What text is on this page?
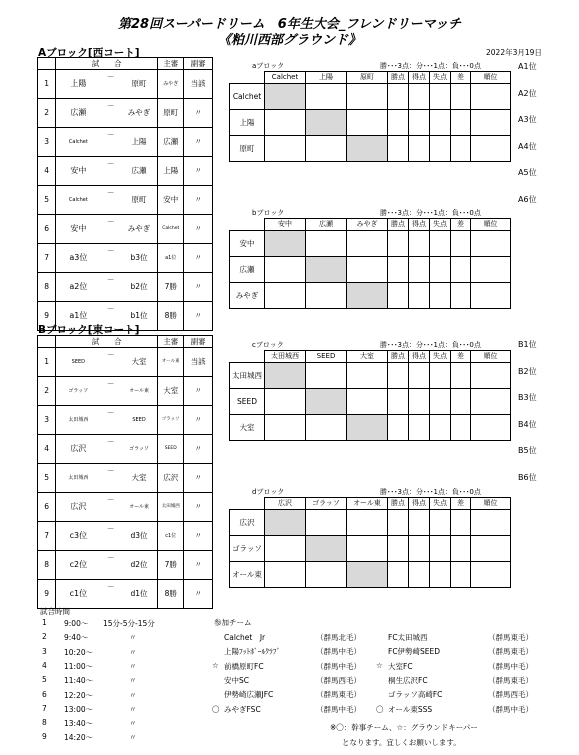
第28回スーパードリーム　6年生大会_フレンドリーマッチ
《粕川西部グラウンド》
2022年3月19日
Aブロック[西コート]
	試　　合			主審	副審
1	上陽	－	原町	みやぎ	当該
2	広瀬	－	みやぎ	原町	〃
3	Calchet	－	上陽	広瀬	〃
4	安中	－	広瀬	上陽	〃
5	Calchet	－	原町	安中	〃
6	安中	－	みやぎ	Calchet	〃
7	a3位	－	b3位	a1位	〃
8	a2位	－	b2位	7勝	〃
9	a1位	－	b1位	8勝	〃
Bブロック[東コート]
	試　　合			主審	副審
1	SEED	－	大室	オール東	当該
2	ゴラッソ	－	オール東	大室	〃
3	太田城西	－	SEED	ゴラッソ	〃
4	広沢	－	ゴラッソ	SEED	〃
5	太田城西	－	大室	広沢	〃
6	広沢	－	オール東	太田城西	〃
7	c3位	－	d3位	c1位	〃
8	c2位	－	d2位	7勝	〃
9	c1位	－	d1位	8勝	〃
aブロック	勝･･･3点：分･･･1点：負･･･0点
	Calchet	上陽	原町	勝点	得点	失点	差	順位
Calchet								
上陽								
原町								
bブロック	勝･･･3点：分･･･1点：負･･･0点
	安中	広瀬	みやぎ	勝点	得点	失点	差	順位
安中								
広瀬								
みやぎ								
cブロック	勝･･･3点：分･･･1点：負･･･0点
	太田城西	SEED	大室	勝点	得点	失点	差	順位
太田城西								
SEED								
大室								
dブロック	勝･･･3点：分･･･1点：負･･･0点
	広沢	ゴラッソ	オール東	勝点	得点	失点	差	順位
広沢								
ゴラッソ								
オール東								
A1位
A2位
A3位
A4位
A5位
A6位
B1位
B2位
B3位
B4位
B5位
B6位
試合時間
1 9:00～ 15分-5分-15分
2 9:40～	〃
3 10:20～	〃
4 11:00～	〃
5 11:40～	〃
6 12:20～	〃
7 13:00～	〃
8 13:40～	〃
9 14:20～	〃
参加チーム
Calchet　Jr	（群馬北毛）	FC太田城西	（群馬東毛）
上陽ﾌｯﾄﾎﾞｰﾙｸﾗﾌﾞ	（群馬中毛）	FC伊勢崎SEED	（群馬東毛）
☆ 前橋原町FC	（群馬中毛） ☆ 大室FC	（群馬中毛）
安中SC	（群馬西毛）	桐生広沢FC	（群馬東毛）
伊勢崎広瀬JFC	（群馬東毛）	ゴラッソ高崎FC	（群馬西毛）
〇 みやぎFSC	（群馬中毛） 〇 オール東SSS	（群馬中毛）
※〇：幹事チーム、☆：グラウンドキーパー
となります。宜しくお願いします。
